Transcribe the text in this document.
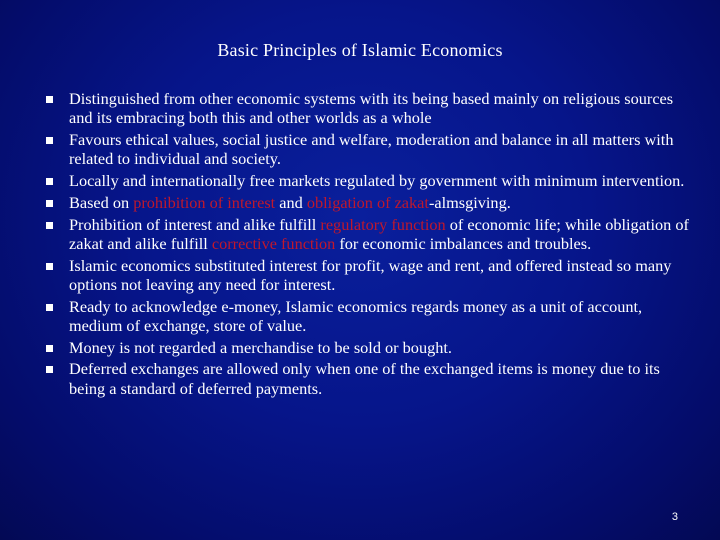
Basic Principles of Islamic Economics
Distinguished from other economic systems with its being based mainly on religious sources and its embracing both this and other worlds as a whole
Favours ethical values, social justice and welfare, moderation and balance in all matters with related to individual and society.
Locally and internationally free markets regulated by government with minimum intervention.
Based on prohibition of interest and obligation of zakat-almsgiving.
Prohibition of interest and alike fulfill regulatory function of economic life; while obligation of zakat and alike fulfill corrective function for economic imbalances and troubles.
Islamic economics substituted interest for profit, wage and rent, and offered instead so many options not leaving any need for interest.
Ready to acknowledge e-money, Islamic economics regards money as a unit of account, medium of exchange, store of value.
Money is not regarded a merchandise to be sold or bought.
Deferred exchanges are allowed only when one of the exchanged items is money due to its being a standard of deferred payments.
3
